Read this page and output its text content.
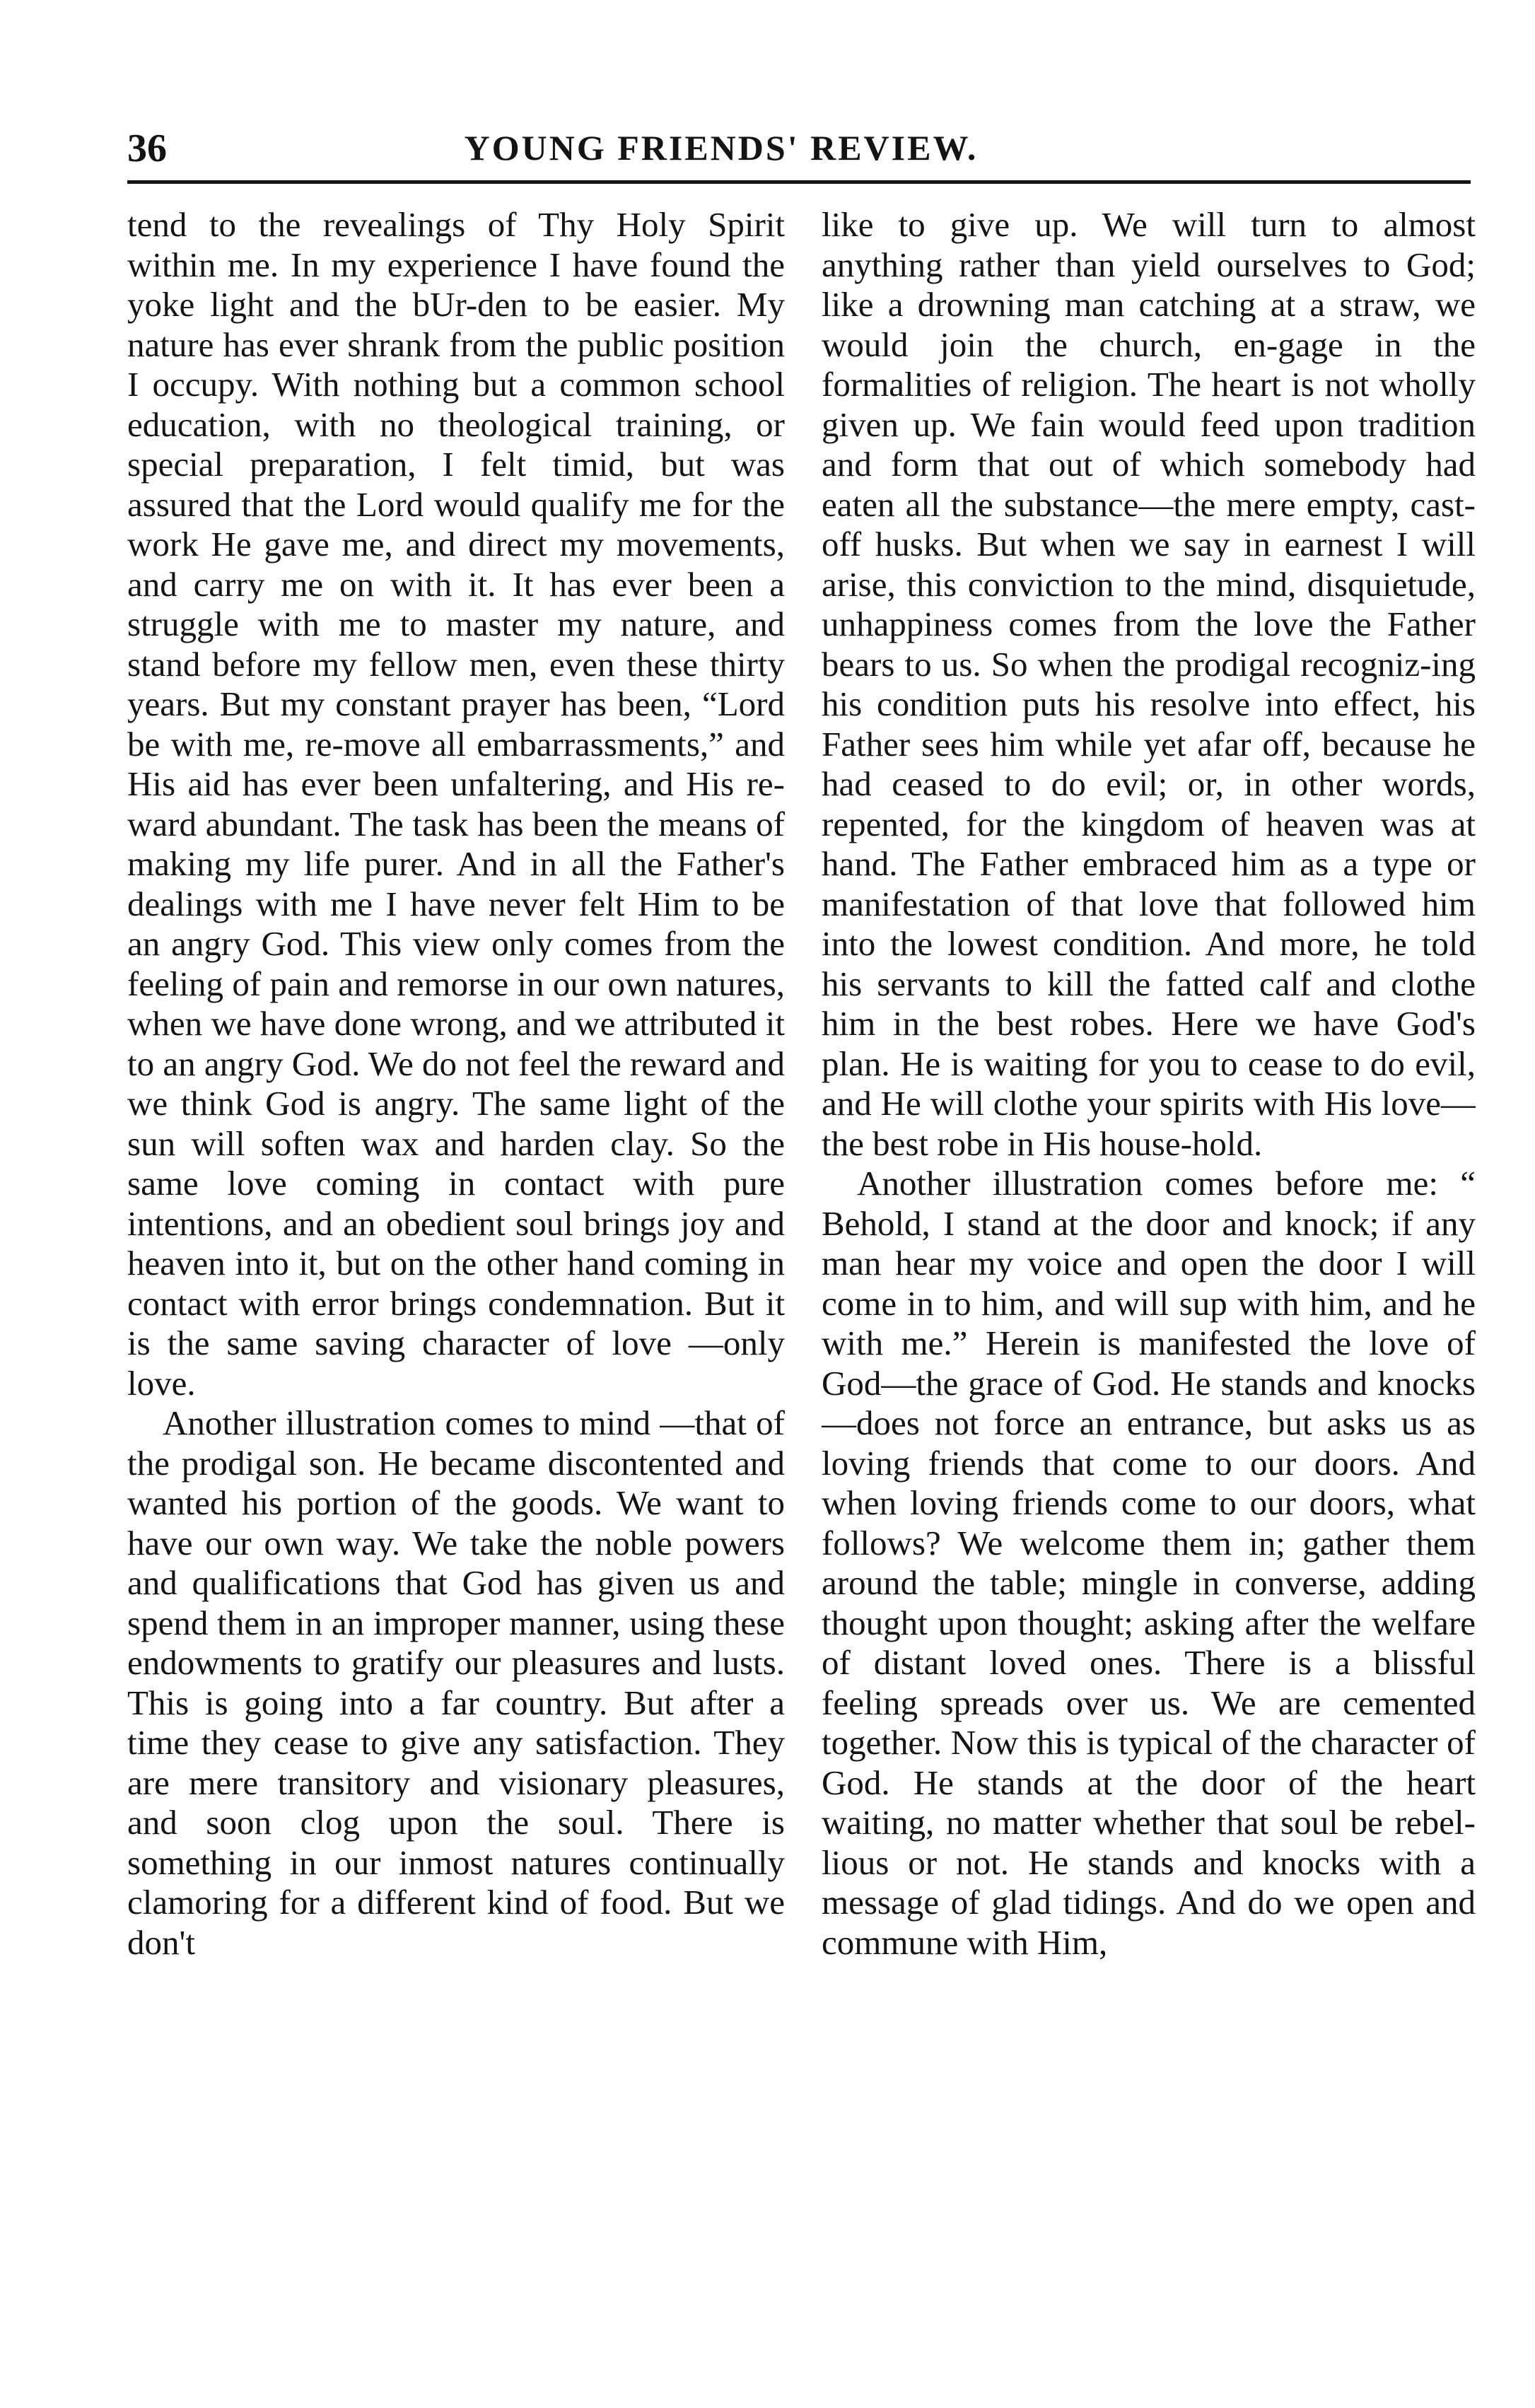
36	YOUNG FRIENDS' REVIEW.

tend to the revealings of Thy Holy Spirit within me. In my experience I have found the yoke light and the bUr-den to be easier. My nature has ever shrank from the public position I occupy. With nothing but a common school education, with no theological training, or special preparation, I felt timid, but was assured that the Lord would qualify me for the work He gave me, and direct my movements, and carry me on with it. It has ever been a struggle with me to master my nature, and stand before my fellow men, even these thirty years. But my constant prayer has been, “Lord be with me, re-move all embarrassments,” and His aid has ever been unfaltering, and His re-ward abundant. The task has been the means of making my life purer. And in all the Father's dealings with me I have never felt Him to be an angry God. This view only comes from the feeling of pain and remorse in our own natures, when we have done wrong, and we attributed it to an angry God. We do not feel the reward and we think God is angry. The same light of the sun will soften wax and harden clay. So the same love coming in contact with pure intentions, and an obedient soul brings joy and heaven into it, but on the other hand coming in contact with error brings condemnation. But it is the same saving character of love —only love.

Another illustration comes to mind —that of the prodigal son. He became discontented and wanted his portion of the goods. We want to have our own way. We take the noble powers and qualifications that God has given us and spend them in an improper manner, using these endowments to gratify our pleasures and lusts. This is going into a far country. But after a time they cease to give any satisfaction. They are mere transitory and visionary pleasures, and soon clog upon the soul. There is something in our inmost natures continually clamoring for a different kind of food. But we don't

like to give up. We will turn to almost anything rather than yield ourselves to God; like a drowning man catching at a straw, we would join the church, en-gage in the formalities of religion. The heart is not wholly given up. We fain would feed upon tradition and form that out of which somebody had eaten all the substance—the mere empty, cast-off husks. But when we say in earnest I will arise, this conviction to the mind, disquietude, unhappiness comes from the love the Father bears to us. So when the prodigal recogniz-ing his condition puts his resolve into effect, his Father sees him while yet afar off, because he had ceased to do evil; or, in other words, repented, for the kingdom of heaven was at hand. The Father embraced him as a type or manifestation of that love that followed him into the lowest condition. And more, he told his servants to kill the fatted calf and clothe him in the best robes. Here we have God's plan. He is waiting for you to cease to do evil, and He will clothe your spirits with His love—the best robe in His house-hold.

Another illustration comes before me: “ Behold, I stand at the door and knock; if any man hear my voice and open the door I will come in to him, and will sup with him, and he with me.” Herein is manifested the love of God—the grace of God. He stands and knocks—does not force an entrance, but asks us as loving friends that come to our doors. And when loving friends come to our doors, what follows? We welcome them in; gather them around the table; mingle in converse, adding thought upon thought; asking after the welfare of distant loved ones. There is a blissful feeling spreads over us. We are cemented together. Now this is typical of the character of God. He stands at the door of the heart waiting, no matter whether that soul be rebel-lious or not. He stands and knocks with a message of glad tidings. And do we open and commune with Him,
